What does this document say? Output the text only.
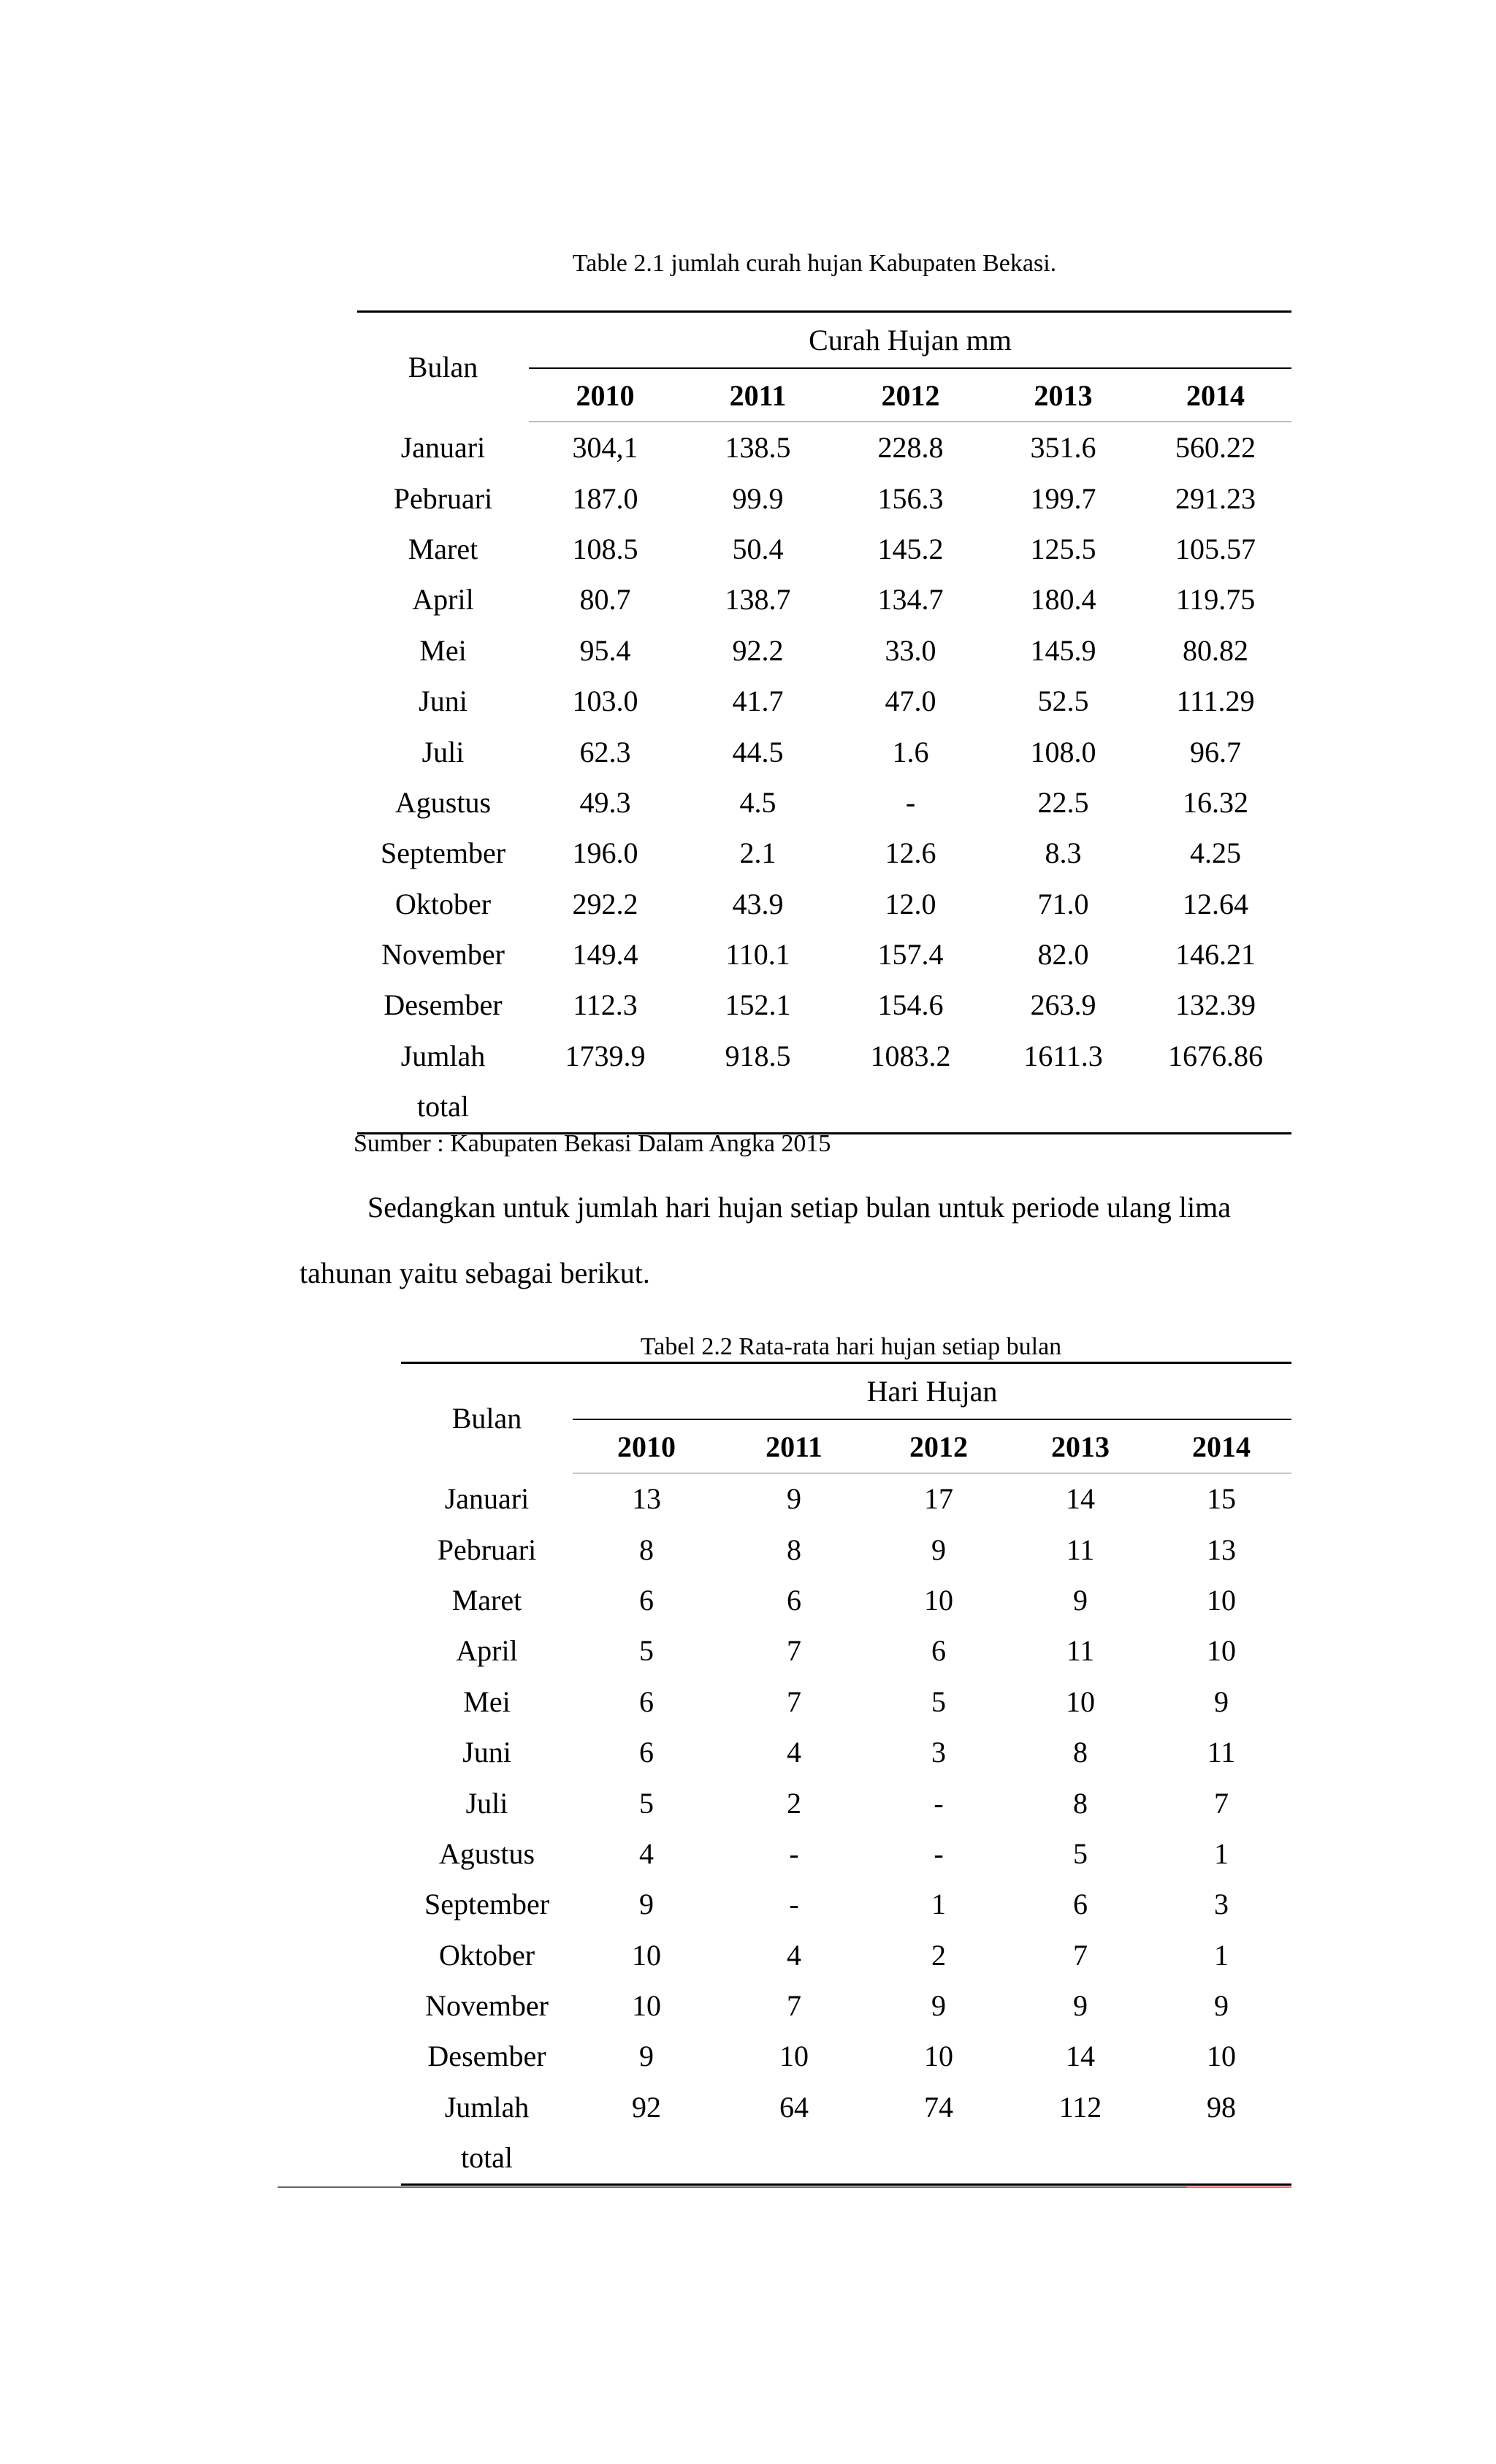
Table 2.1 jumlah curah hujan Kabupaten Bekasi.
Bulan	Curah Hujan mm				
	2010	2011	2012	2013	2014
Januari	304,1	138.5	228.8	351.6	560.22
Pebruari	187.0	99.9	156.3	199.7	291.23
Maret	108.5	50.4	145.2	125.5	105.57
April	80.7	138.7	134.7	180.4	119.75
Mei	95.4	92.2	33.0	145.9	80.82
Juni	103.0	41.7	47.0	52.5	111.29
Juli	62.3	44.5	1.6	108.0	96.7
Agustus	49.3	4.5	-	22.5	16.32
September	196.0	2.1	12.6	8.3	4.25
Oktober	292.2	43.9	12.0	71.0	12.64
November	149.4	110.1	157.4	82.0	146.21
Desember	112.3	152.1	154.6	263.9	132.39

Jumlah
total	1739.9	918.5	1083.2	1611.3	1676.86
Sumber : Kabupaten Bekasi Dalam Angka 2015
Sedangkan untuk jumlah hari hujan setiap bulan untuk periode ulang lima
tahunan yaitu sebagai berikut.
Tabel 2.2 Rata-rata hari hujan setiap bulan
Bulan	Hari Hujan				
	2010	2011	2012	2013	2014
Januari	13	9	17	14	15
Pebruari	8	8	9	11	13
Maret	6	6	10	9	10
April	5	7	6	11	10
Mei	6	7	5	10	9
Juni	6	4	3	8	11
Juli	5	2	-	8	7
Agustus	4	-	-	5	1
September	9	-	1	6	3
Oktober	10	4	2	7	1
November	10	7	9	9	9
Desember	9	10	10	14	10

Jumlah
total	92	64	74	112	98
